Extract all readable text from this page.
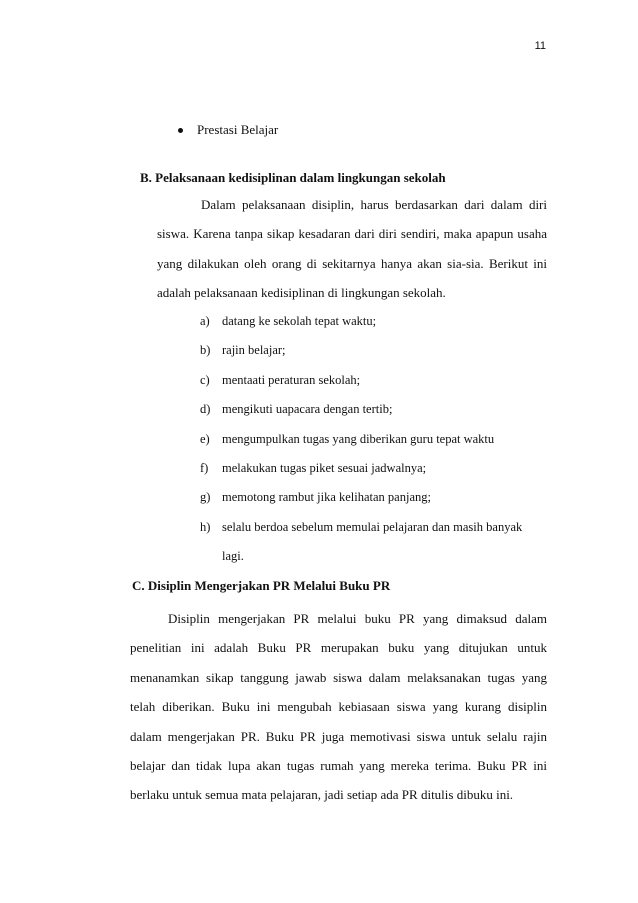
11
Prestasi Belajar
B. Pelaksanaan kedisiplinan dalam lingkungan sekolah

Dalam pelaksanaan disiplin, harus berdasarkan dari dalam diri siswa. Karena tanpa sikap kesadaran dari diri sendiri, maka apapun usaha yang dilakukan oleh orang di sekitarnya hanya akan sia-sia. Berikut ini adalah pelaksanaan kedisiplinan di lingkungan sekolah.

a) datang ke sekolah tepat waktu;
b) rajin belajar;
c) mentaati peraturan sekolah;
d) mengikuti uapacara dengan tertib;
e) mengumpulkan tugas yang diberikan guru tepat waktu
f)	melakukan tugas piket sesuai jadwalnya;
g) memotong rambut jika kelihatan panjang;
h) selalu berdoa sebelum memulai pelajaran dan masih banyak
lagi.
C. Disiplin Mengerjakan PR Melalui Buku PR

Disiplin mengerjakan PR melalui buku PR yang dimaksud dalam penelitian ini adalah Buku PR merupakan buku yang ditujukan untuk menanamkan sikap tanggung jawab siswa dalam melaksanakan tugas yang telah diberikan. Buku ini mengubah kebiasaan siswa yang kurang disiplin dalam mengerjakan PR. Buku PR juga memotivasi siswa untuk selalu rajin belajar dan tidak lupa akan tugas rumah yang mereka terima. Buku PR ini berlaku untuk semua mata pelajaran, jadi setiap ada PR ditulis dibuku ini.
